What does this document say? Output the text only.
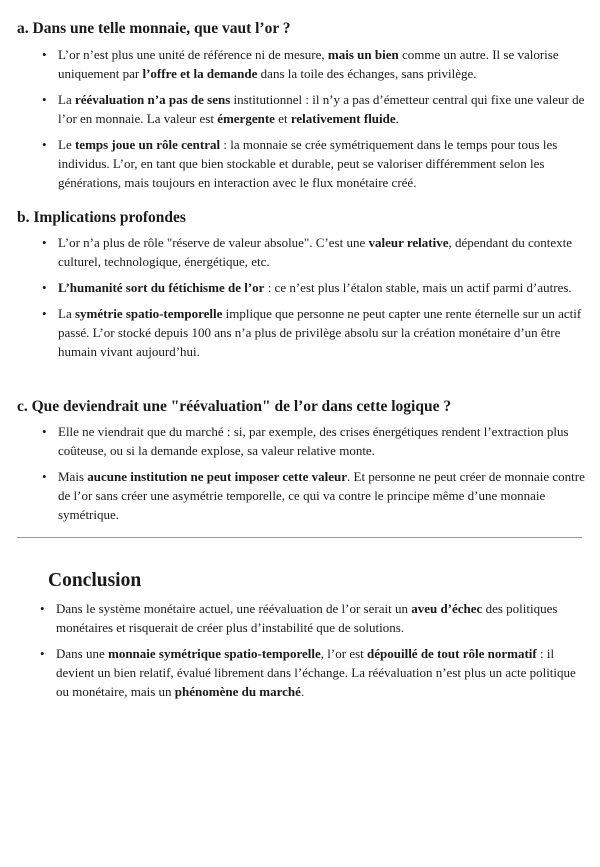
a. Dans une telle monnaie, que vaut l’or ?
• L’or n’est plus une unité de référence ni de mesure, mais un bien comme un autre. Il se valorise uniquement par l’offre et la demande dans la toile des échanges, sans privilège.
• La réévaluation n’a pas de sens institutionnel : il n’y a pas d’émetteur central qui fixe une valeur de l’or en monnaie. La valeur est émergente et relativement fluide.
• Le temps joue un rôle central : la monnaie se crée symétriquement dans le temps pour tous les individus. L’or, en tant que bien stockable et durable, peut se valoriser différemment selon les générations, mais toujours en interaction avec le flux monétaire créé.
b. Implications profondes
• L’or n’a plus de rôle "réserve de valeur absolue". C’est une valeur relative, dépendant du contexte culturel, technologique, énergétique, etc.
• L’humanité sort du fétichisme de l’or : ce n’est plus l’étalon stable, mais un actif parmi d’autres.
• La symétrie spatio-temporelle implique que personne ne peut capter une rente éternelle sur un actif passé. L’or stocké depuis 100 ans n’a plus de privilège absolu sur la création monétaire d’un être humain vivant aujourd’hui.
c. Que deviendrait une "réévaluation" de l’or dans cette logique ?
• Elle ne viendrait que du marché : si, par exemple, des crises énergétiques rendent l’extraction plus coûteuse, ou si la demande explose, sa valeur relative monte.
• Mais aucune institution ne peut imposer cette valeur. Et personne ne peut créer de monnaie contre de l’or sans créer une asymétrie temporelle, ce qui va contre le principe même d’une monnaie symétrique.
Conclusion
• Dans le système monétaire actuel, une réévaluation de l’or serait un aveu d’échec des politiques monétaires et risquerait de créer plus d’instabilité que de solutions.
• Dans une monnaie symétrique spatio-temporelle, l’or est dépouillé de tout rôle normatif : il devient un bien relatif, évalué librement dans l’échange. La réévaluation n’est plus un acte politique ou monétaire, mais un phénomène du marché.
